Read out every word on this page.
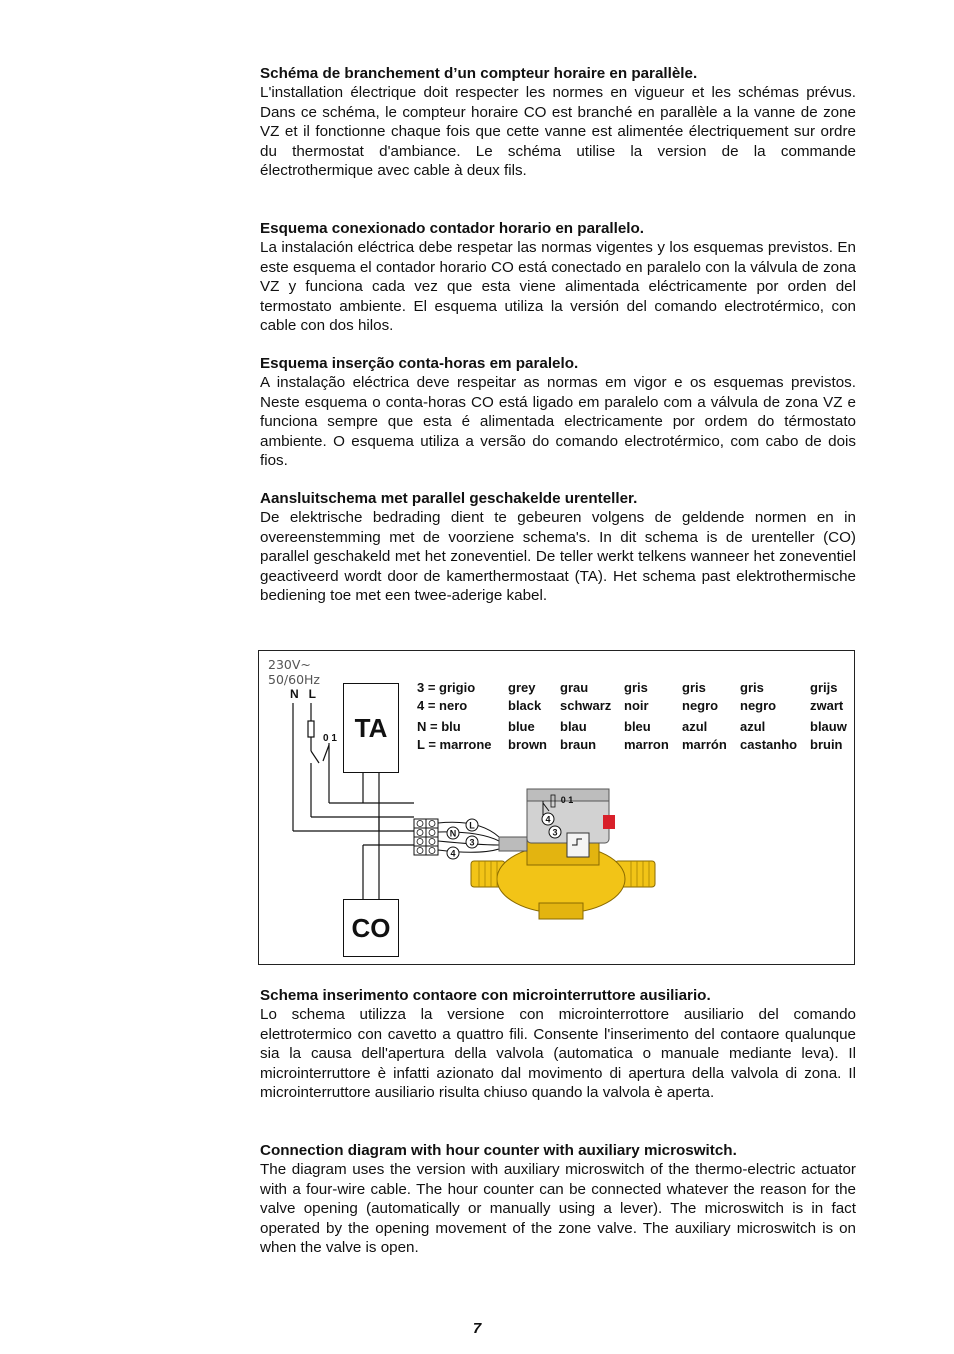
Schéma de branchement d’un compteur horaire en parallèle.

L'installation électrique doit respecter les normes en vigueur et les schémas prévus. Dans ce schéma, le compteur horaire CO est branché en parallèle a la vanne de zone VZ et il fonctionne chaque fois que cette vanne est alimentée électriquement sur ordre du thermostat d'ambiance. Le schéma utilise la version de la commande électrothermique avec cable à deux fils.

Esquema conexionado contador horario en parallelo.

La instalación eléctrica debe respetar las normas vigentes y los esquemas previstos. En este esquema el contador horario CO está conectado en paralelo con la válvula de zona VZ y funciona cada vez que esta viene alimentada eléctricamente por orden del termostato ambiente. El esquema utiliza la versión del comando electrotérmico, con cable con dos hilos.

Esquema inserção conta-horas em paralelo.

A instalação eléctrica deve respeitar as normas em vigor e os esquemas previstos. Neste esquema o conta-horas CO está ligado em paralelo com a válvula de zona VZ e funciona sempre que esta é alimentada electricamente por ordem do térmostato ambiente. O esquema utiliza a versão do comando electrotérmico, com cabo de dois fios.

Aansluitschema met parallel geschakelde urenteller.

De elektrische bedrading dient te gebeuren volgens de geldende normen en in overeenstemming met de voorziene schema's. In dit schema is de urenteller (CO) parallel geschakeld met het zoneventiel. De teller werkt telkens wanneer het zoneventiel geactiveerd wordt door de kamerthermostaat (TA). Het schema past elektrothermische bediening toe met een twee-aderige kabel.

L
N
3
4
4
3
0 1
230V~
50/60Hz
NL
0 1 TA
CO
3 = grigio
4 = nero
N = blu
L = marrone
grey
black
blue
brown
grau
schwarz
blau
braun
gris
noir
bleu
marron
gris
negro
azul
marrón
gris
negro
azul
castanho
grijs
zwart
blauw
bruin
Schema inserimento contaore con microinterruttore ausiliario.

Lo schema utilizza la versione con microinterrottore ausiliario del comando elettrotermico con cavetto a quattro fili. Consente l'inserimento del contaore qualunque sia la causa dell'apertura della valvola (automatica o manuale mediante leva). Il microinterruttore è infatti azionato dal movimento di apertura della valvola di zona. Il microinterruttore ausiliario risulta chiuso quando la valvola è aperta.

Connection diagram with hour counter with auxiliary microswitch.

The diagram uses the version with auxiliary microswitch of the thermo-electric actuator with a four-wire cable. The hour counter can be connected whatever the reason for the valve opening (automatically or manually using a lever). The microswitch is in fact operated by the opening movement of the zone valve. The auxiliary microswitch is on when the valve is open.

7
